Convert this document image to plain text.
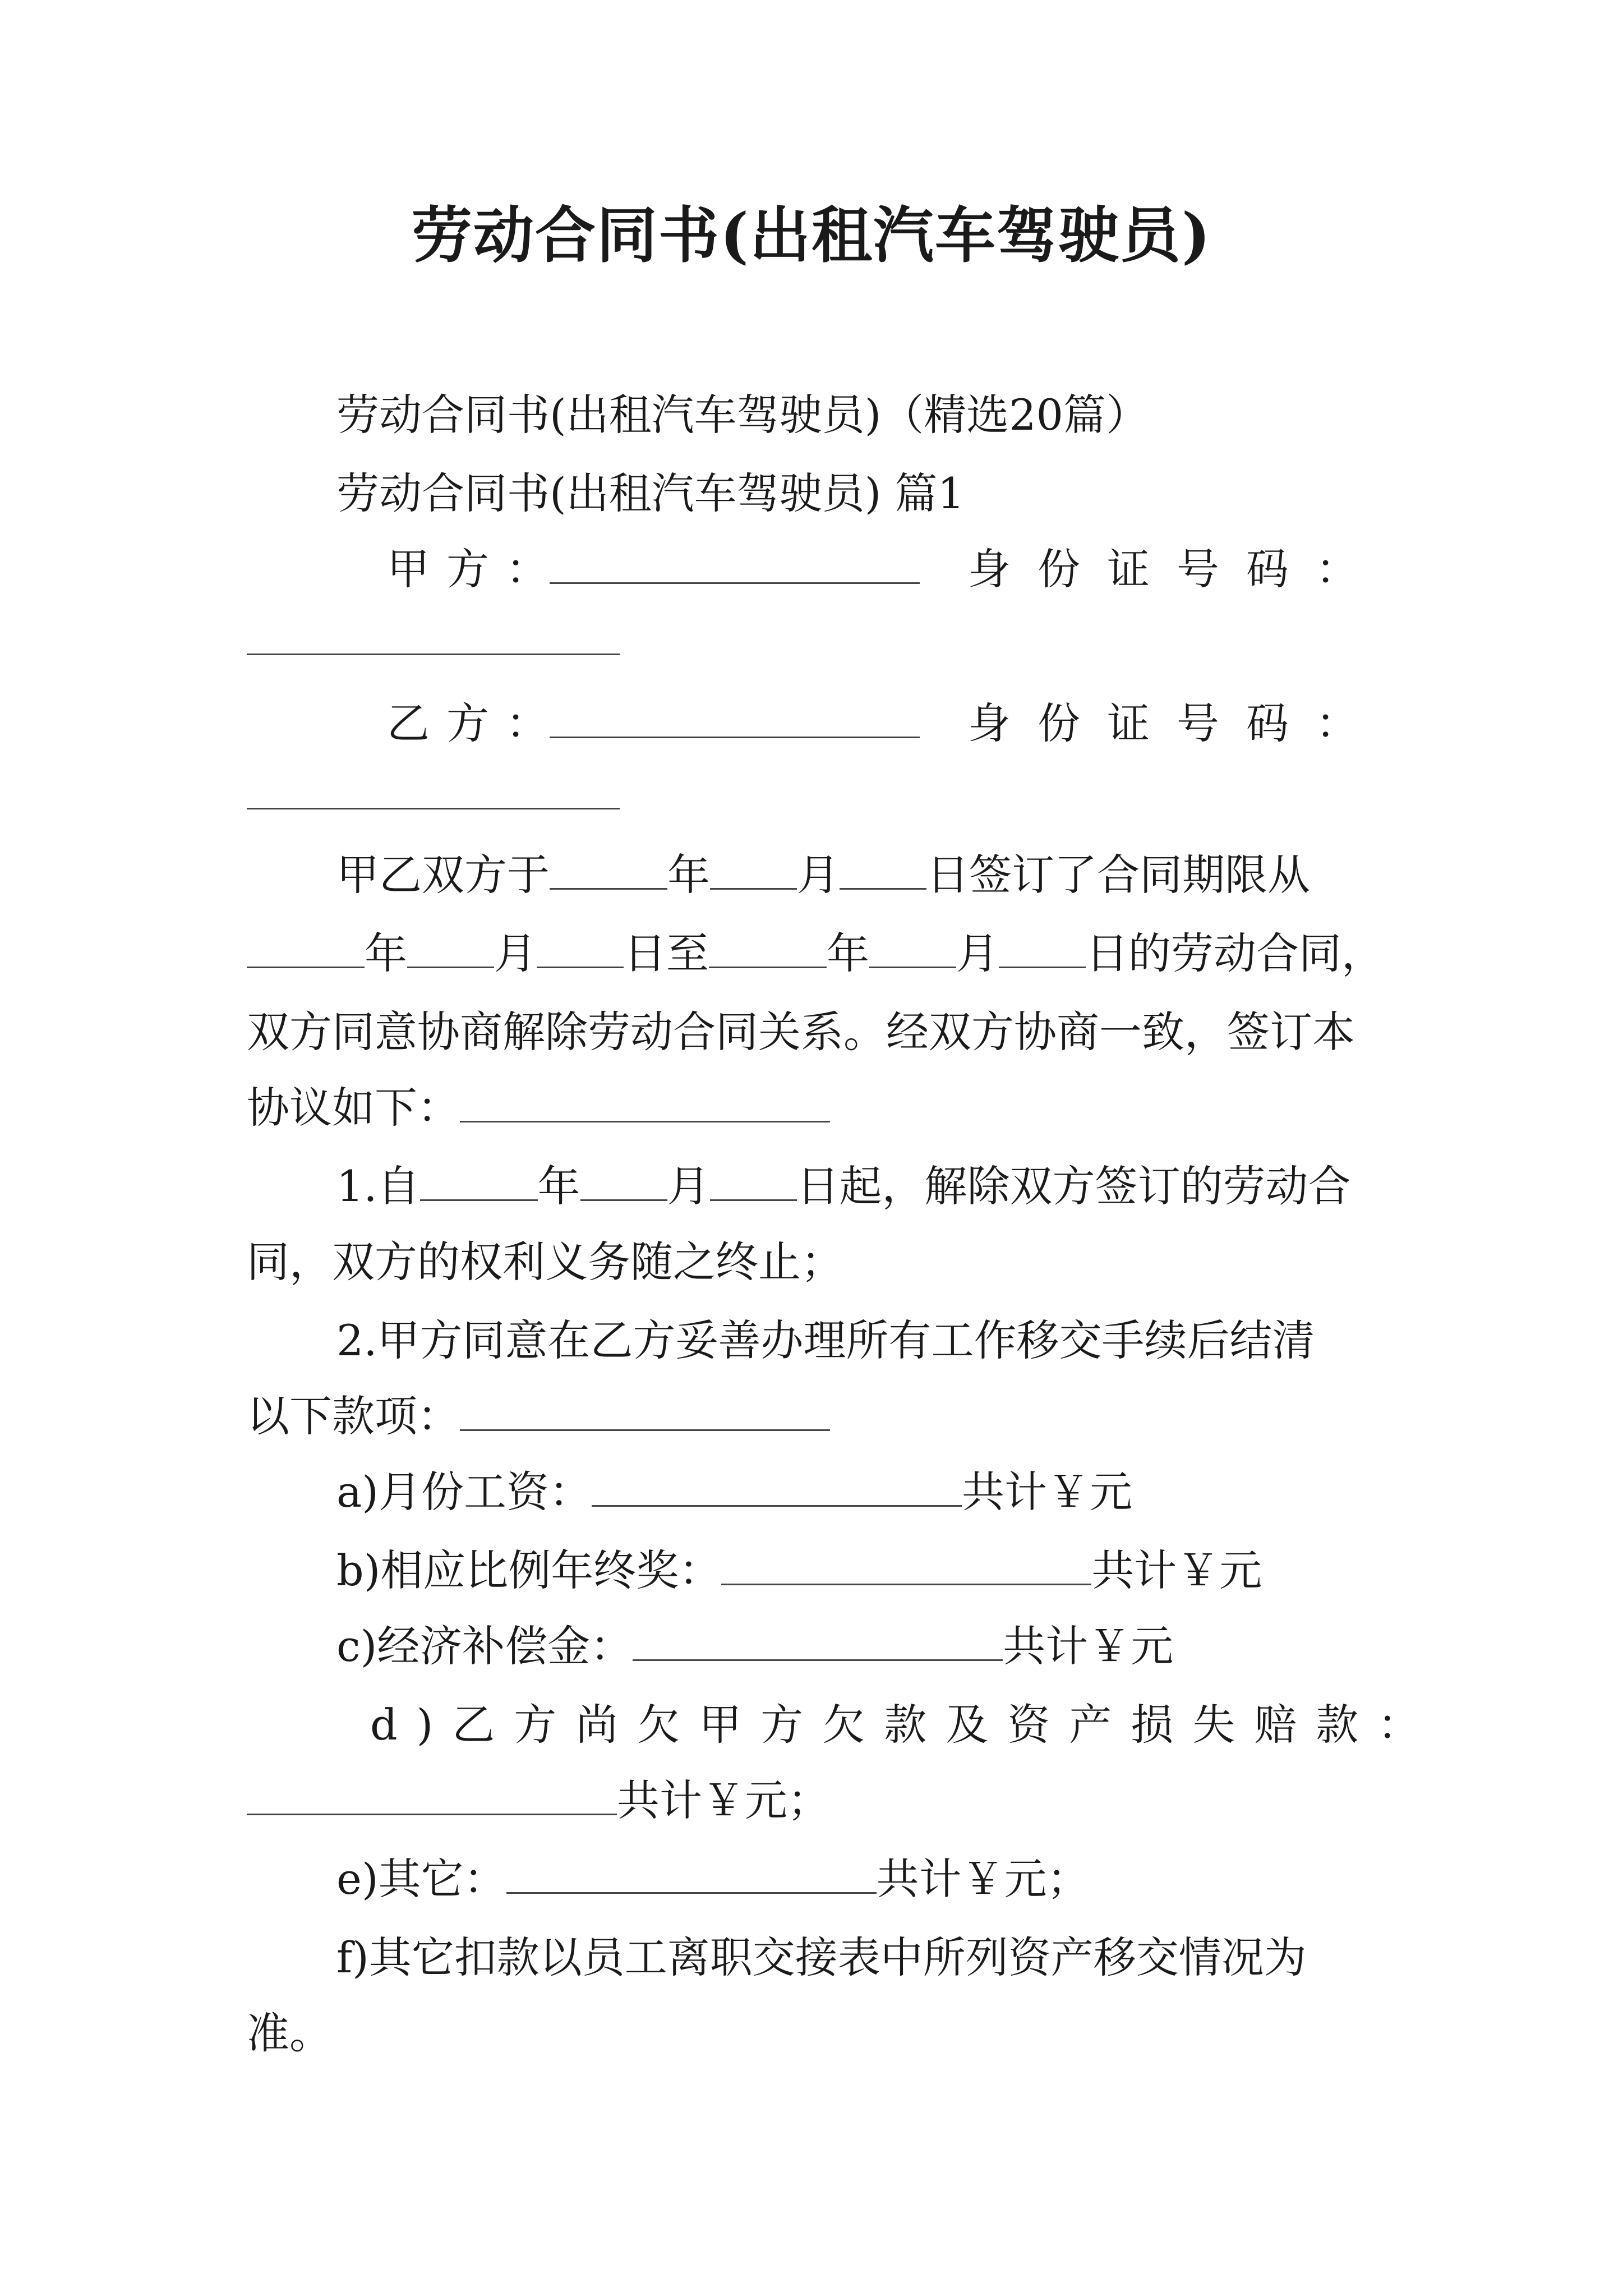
劳动合同书(出租汽车驾驶员)
劳动合同书(出租汽车驾驶员)（精选20篇）
劳动合同书(出租汽车驾驶员) 篇1
甲方：	身份证号码：
乙方：	身份证号码：
甲乙双方于	年 月 日签订了合同期限从
年 月 日至	年 月 日的劳动合同，
双方同意协商解除劳动合同关系。经双方协商一致，签订本
协议如下：
1.自	年 月 日起，解除双方签订的劳动合
同，双方的权利义务随之终止；
2.甲方同意在乙方妥善办理所有工作移交手续后结清
以下款项：
a)月份工资：	共计￥元
b)相应比例年终奖：	共计￥元
c)经济补偿金：	共计￥元
d)乙方尚欠甲方欠款及资产损失赔款：
共计￥元；
e)其它：	共计￥元；
f)其它扣款以员工离职交接表中所列资产移交情况为
准。
